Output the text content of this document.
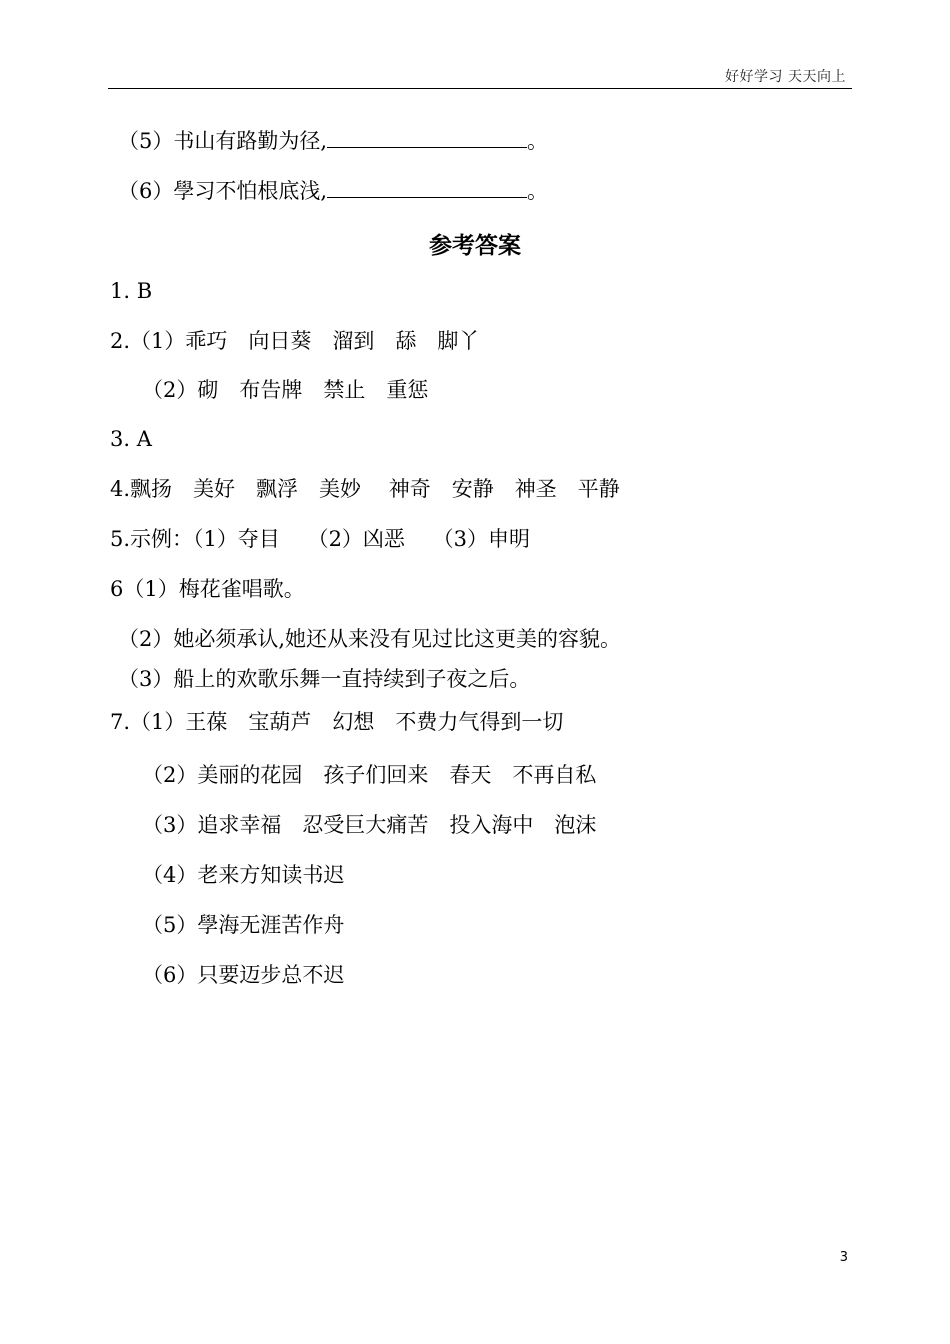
好好学习 天天向上
（5）书山有路勤为径,	。
（6）學习不怕根底浅,	。
参考答案
1. B
2.（1）乖巧　向日葵　溜到　舔　脚丫
（2）砌　布告牌　禁止　重惩
3. A
4.飘扬　美好　飘浮　美妙　 神奇　安静　神圣　平静
5.示例：（1）夺目　 （2）凶恶　 （3）申明
6（1）梅花雀唱歌。
（2）她必须承认,她还从来没有见过比这更美的容貌。
（3）船上的欢歌乐舞一直持续到子夜之后。
7.（1）王葆　宝葫芦　幻想　不费力气得到一切
（2）美丽的花园　孩子们回来　春天　不再自私
（3）追求幸福　忍受巨大痛苦　投入海中　泡沫
（4）老来方知读书迟
（5）學海无涯苦作舟
（6）只要迈步总不迟
3
